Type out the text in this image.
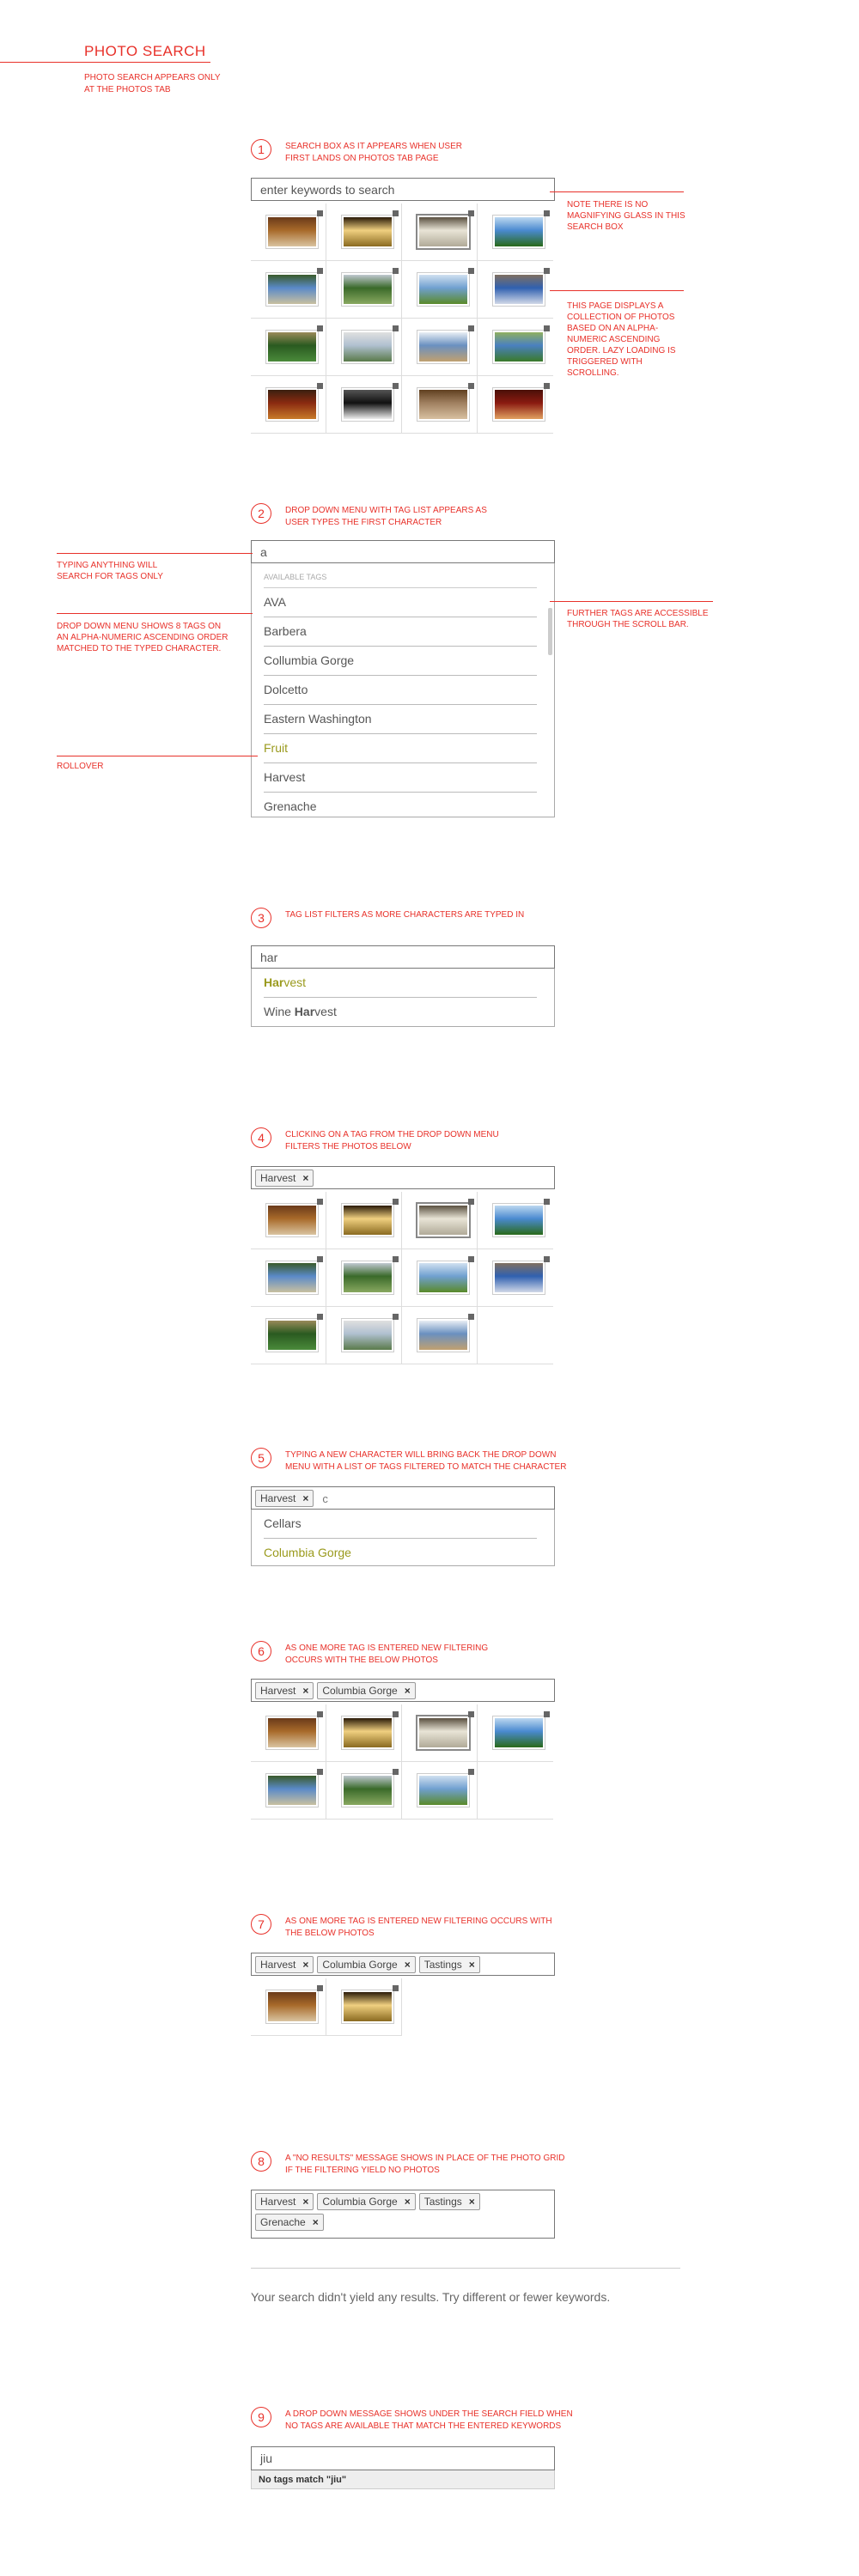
PHOTO SEARCH
PHOTO SEARCH APPEARS ONLY AT THE PHOTOS TAB
1	SEARCH BOX AS IT APPEARS WHEN USER FIRST LANDS ON PHOTOS TAB PAGE
enter keywords to search
NOTE THERE IS NO MAGNIFYING GLASS IN THIS SEARCH BOX
THIS PAGE DISPLAYS A COLLECTION OF PHOTOS BASED ON AN ALPHA-NUMERIC ASCENDING ORDER. LAZY LOADING IS TRIGGERED WITH SCROLLING.
2	DROP DOWN MENU WITH TAG LIST APPEARS AS USER TYPES THE FIRST CHARACTER
a
AVAILABLE TAGS
AVA
Barbera
Collumbia Gorge
Dolcetto
Eastern Washington
Fruit
Harvest
Grenache
TYPING ANYTHING WILL SEARCH FOR TAGS ONLY
DROP DOWN MENU SHOWS 8 TAGS ON AN ALPHA-NUMERIC ASCENDING ORDER MATCHED TO THE TYPED CHARACTER.
ROLLOVER
FURTHER TAGS ARE ACCESSIBLE THROUGH THE SCROLL BAR.
3	TAG LIST FILTERS AS MORE CHARACTERS ARE TYPED IN
har
Harvest
Wine Harvest
4	CLICKING ON A TAG FROM THE DROP DOWN MENU FILTERS THE PHOTOS BELOW
Harvest ×
5	TYPING A NEW CHARACTER WILL BRING BACK THE DROP DOWN MENU WITH A LIST OF TAGS FILTERED TO MATCH THE CHARACTER
Harvest × c
Cellars
Columbia Gorge
6	AS ONE MORE TAG IS ENTERED NEW FILTERING OCCURS WITH THE BELOW PHOTOS
Harvest × Columbia Gorge ×
7	AS ONE MORE TAG IS ENTERED NEW FILTERING OCCURS WITH THE BELOW PHOTOS
Harvest × Columbia Gorge × Tastings ×
8	A "NO RESULTS" MESSAGE SHOWS IN PLACE OF THE PHOTO GRID IF THE FILTERING YIELD NO PHOTOS
Harvest × Columbia Gorge × Tastings ×
Grenache ×
Your search didn't yield any results. Try different or fewer keywords.
9	A DROP DOWN MESSAGE SHOWS UNDER THE SEARCH FIELD WHEN NO TAGS ARE AVAILABLE THAT MATCH THE ENTERED KEYWORDS
jiu
No tags match "jiu"
